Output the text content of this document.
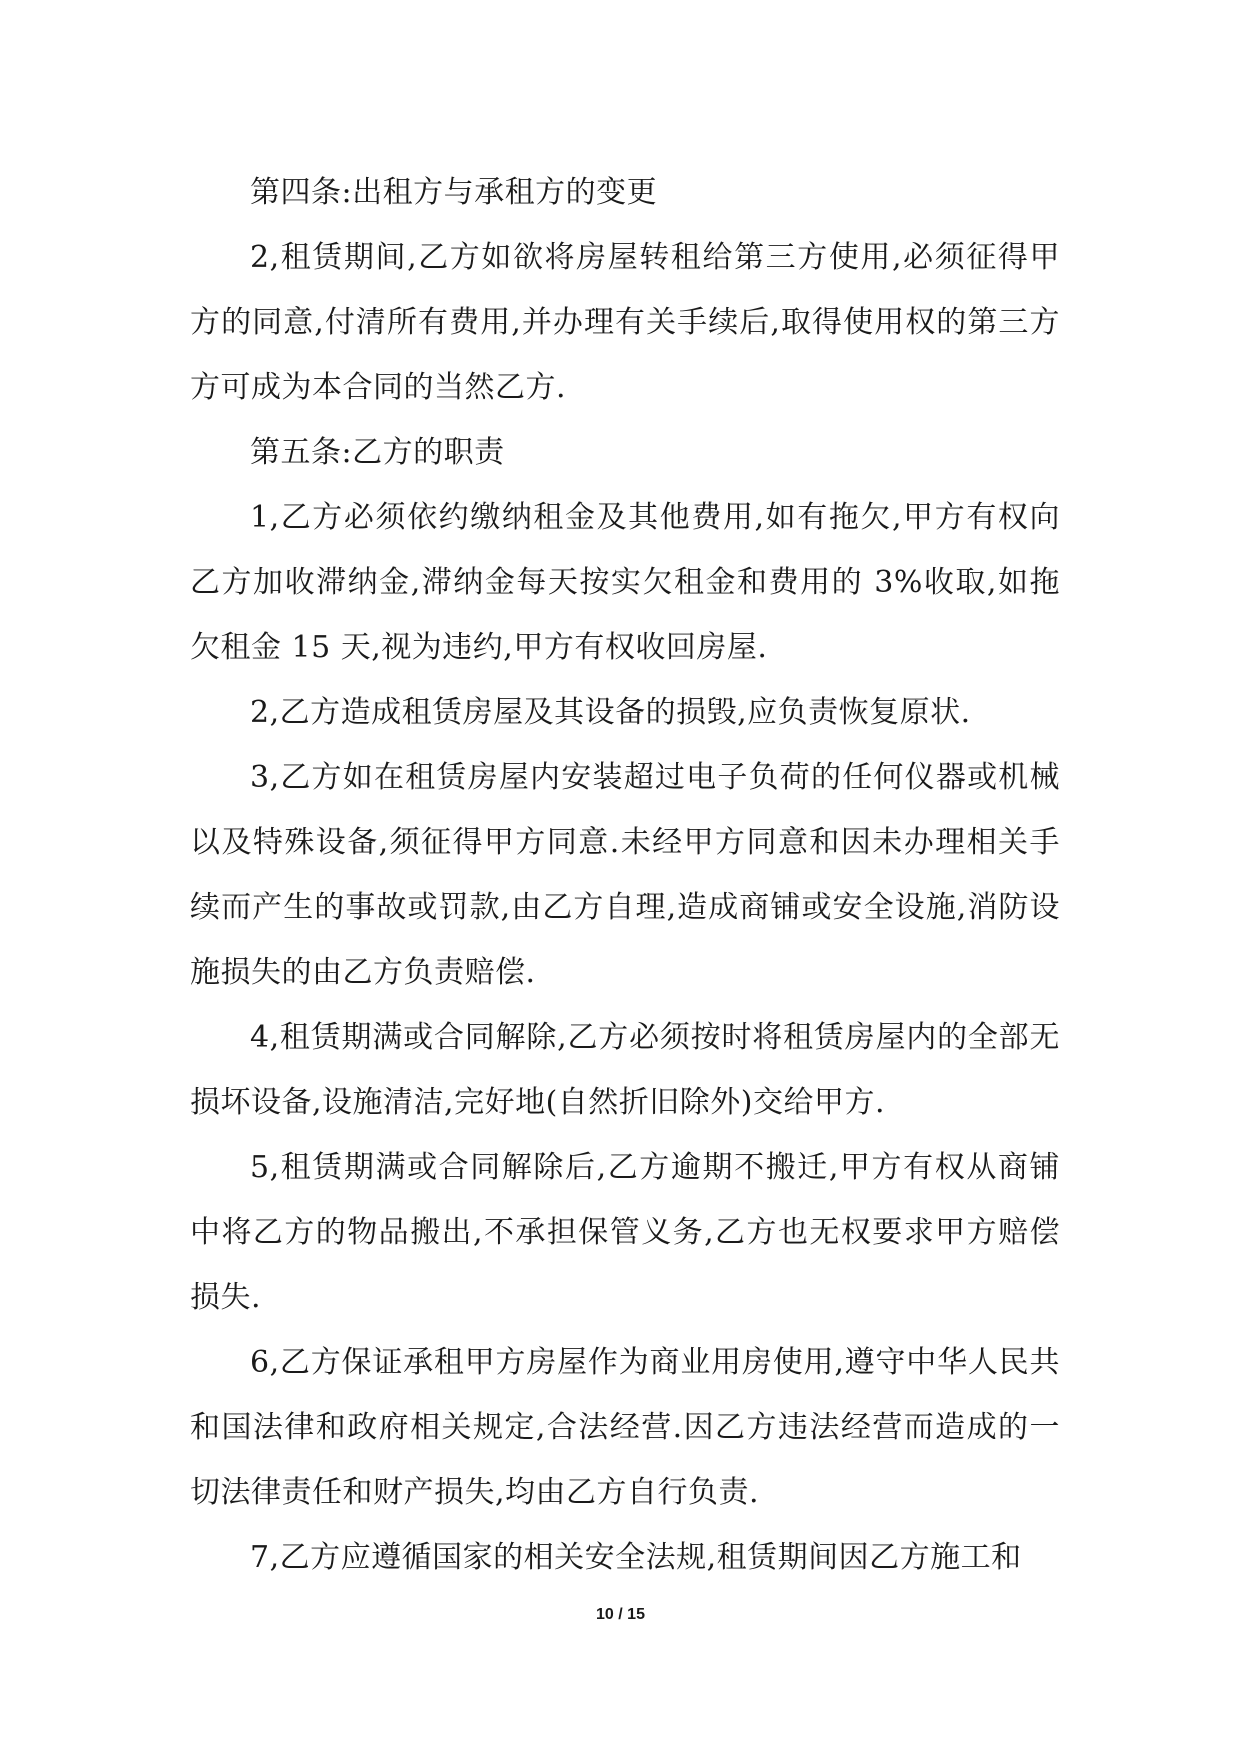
第四条:出租方与承租方的变更

2,租赁期间,乙方如欲将房屋转租给第三方使用,必须征得甲方的同意,付清所有费用,并办理有关手续后,取得使用权的第三方方可成为本合同的当然乙方.

第五条:乙方的职责

1,乙方必须依约缴纳租金及其他费用,如有拖欠,甲方有权向乙方加收滞纳金,滞纳金每天按实欠租金和费用的 3%收取,如拖欠租金 15 天,视为违约,甲方有权收回房屋.

2,乙方造成租赁房屋及其设备的损毁,应负责恢复原状.

3,乙方如在租赁房屋内安装超过电子负荷的任何仪器或机械以及特殊设备,须征得甲方同意.未经甲方同意和因未办理相关手续而产生的事故或罚款,由乙方自理,造成商铺或安全设施,消防设施损失的由乙方负责赔偿.

4,租赁期满或合同解除,乙方必须按时将租赁房屋内的全部无损坏设备,设施清洁,完好地(自然折旧除外)交给甲方.

5,租赁期满或合同解除后,乙方逾期不搬迁,甲方有权从商铺中将乙方的物品搬出,不承担保管义务,乙方也无权要求甲方赔偿损失.

6,乙方保证承租甲方房屋作为商业用房使用,遵守中华人民共和国法律和政府相关规定,合法经营.因乙方违法经营而造成的一切法律责任和财产损失,均由乙方自行负责.

7,乙方应遵循国家的相关安全法规,租赁期间因乙方施工和

10 / 15
